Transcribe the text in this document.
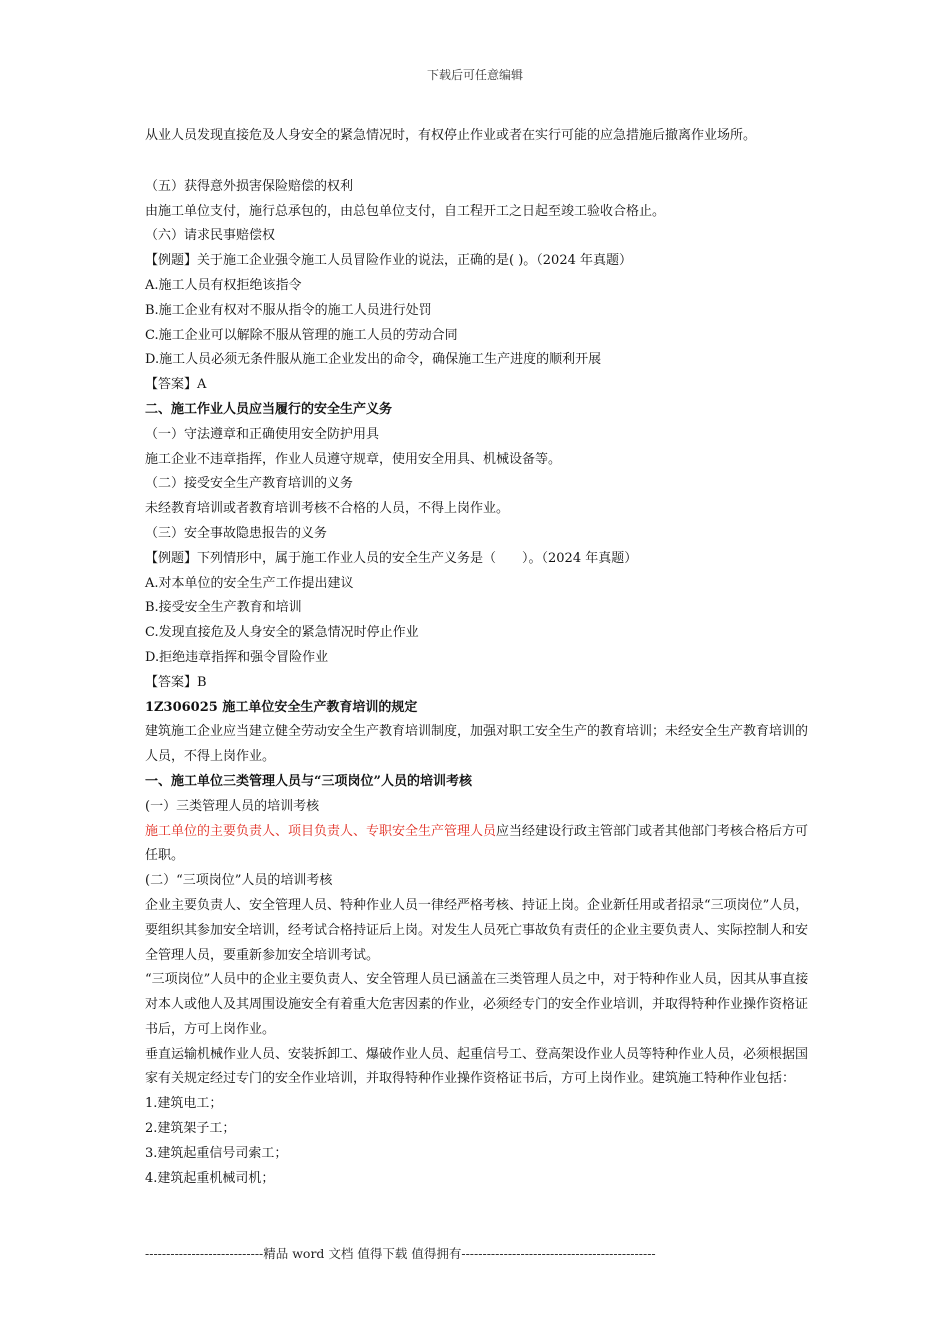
下载后可任意编辑

从业人员发现直接危及人身安全的紧急情况时，有权停止作业或者在实行可能的应急措施后撤离作业场所。

（五）获得意外损害保险赔偿的权利

由施工单位支付，施行总承包的，由总包单位支付，自工程开工之日起至竣工验收合格止。

（六）请求民事赔偿权

【例题】关于施工企业强令施工人员冒险作业的说法，正确的是( )。（2024 年真题）

A.施工人员有权拒绝该指令

B.施工企业有权对不服从指令的施工人员进行处罚

C.施工企业可以解除不服从管理的施工人员的劳动合同

D.施工人员必须无条件服从施工企业发出的命令，确保施工生产进度的顺利开展

【答案】A

二、施工作业人员应当履行的安全生产义务

（一）守法遵章和正确使用安全防护用具

施工企业不违章指挥，作业人员遵守规章，使用安全用具、机械设备等。

（二）接受安全生产教育培训的义务

未经教育培训或者教育培训考核不合格的人员，不得上岗作业。

（三）安全事故隐患报告的义务

【例题】下列情形中，属于施工作业人员的安全生产义务是（　　）。（2024 年真题）

A.对本单位的安全生产工作提出建议

B.接受安全生产教育和培训

C.发现直接危及人身安全的紧急情况时停止作业

D.拒绝违章指挥和强令冒险作业

【答案】B

1Z306025 施工单位安全生产教育培训的规定

建筑施工企业应当建立健全劳动安全生产教育培训制度，加强对职工安全生产的教育培训；未经安全生产教育培训的人员，不得上岗作业。

一、施工单位三类管理人员与“三项岗位”人员的培训考核

(一）三类管理人员的培训考核

施工单位的主要负责人、项目负责人、专职安全生产管理人员应当经建设行政主管部门或者其他部门考核合格后方可任职。

(二）“三项岗位”人员的培训考核

企业主要负责人、安全管理人员、特种作业人员一律经严格考核、持证上岗。企业新任用或者招录“三项岗位”人员，要组织其参加安全培训，经考试合格持证后上岗。对发生人员死亡事故负有责任的企业主要负责人、实际控制人和安全管理人员，要重新参加安全培训考试。

“三项岗位”人员中的企业主要负责人、安全管理人员已涵盖在三类管理人员之中，对于特种作业人员，因其从事直接对本人或他人及其周围设施安全有着重大危害因素的作业，必须经专门的安全作业培训，并取得特种作业操作资格证书后，方可上岗作业。

垂直运输机械作业人员、安装拆卸工、爆破作业人员、起重信号工、登高架设作业人员等特种作业人员，必须根据国家有关规定经过专门的安全作业培训，并取得特种作业操作资格证书后，方可上岗作业。建筑施工特种作业包括：

1.建筑电工；

2.建筑架子工；

3.建筑起重信号司索工；

4.建筑起重机械司机；

----------------------------精品 word 文档 值得下载 值得拥有----------------------------------------------
